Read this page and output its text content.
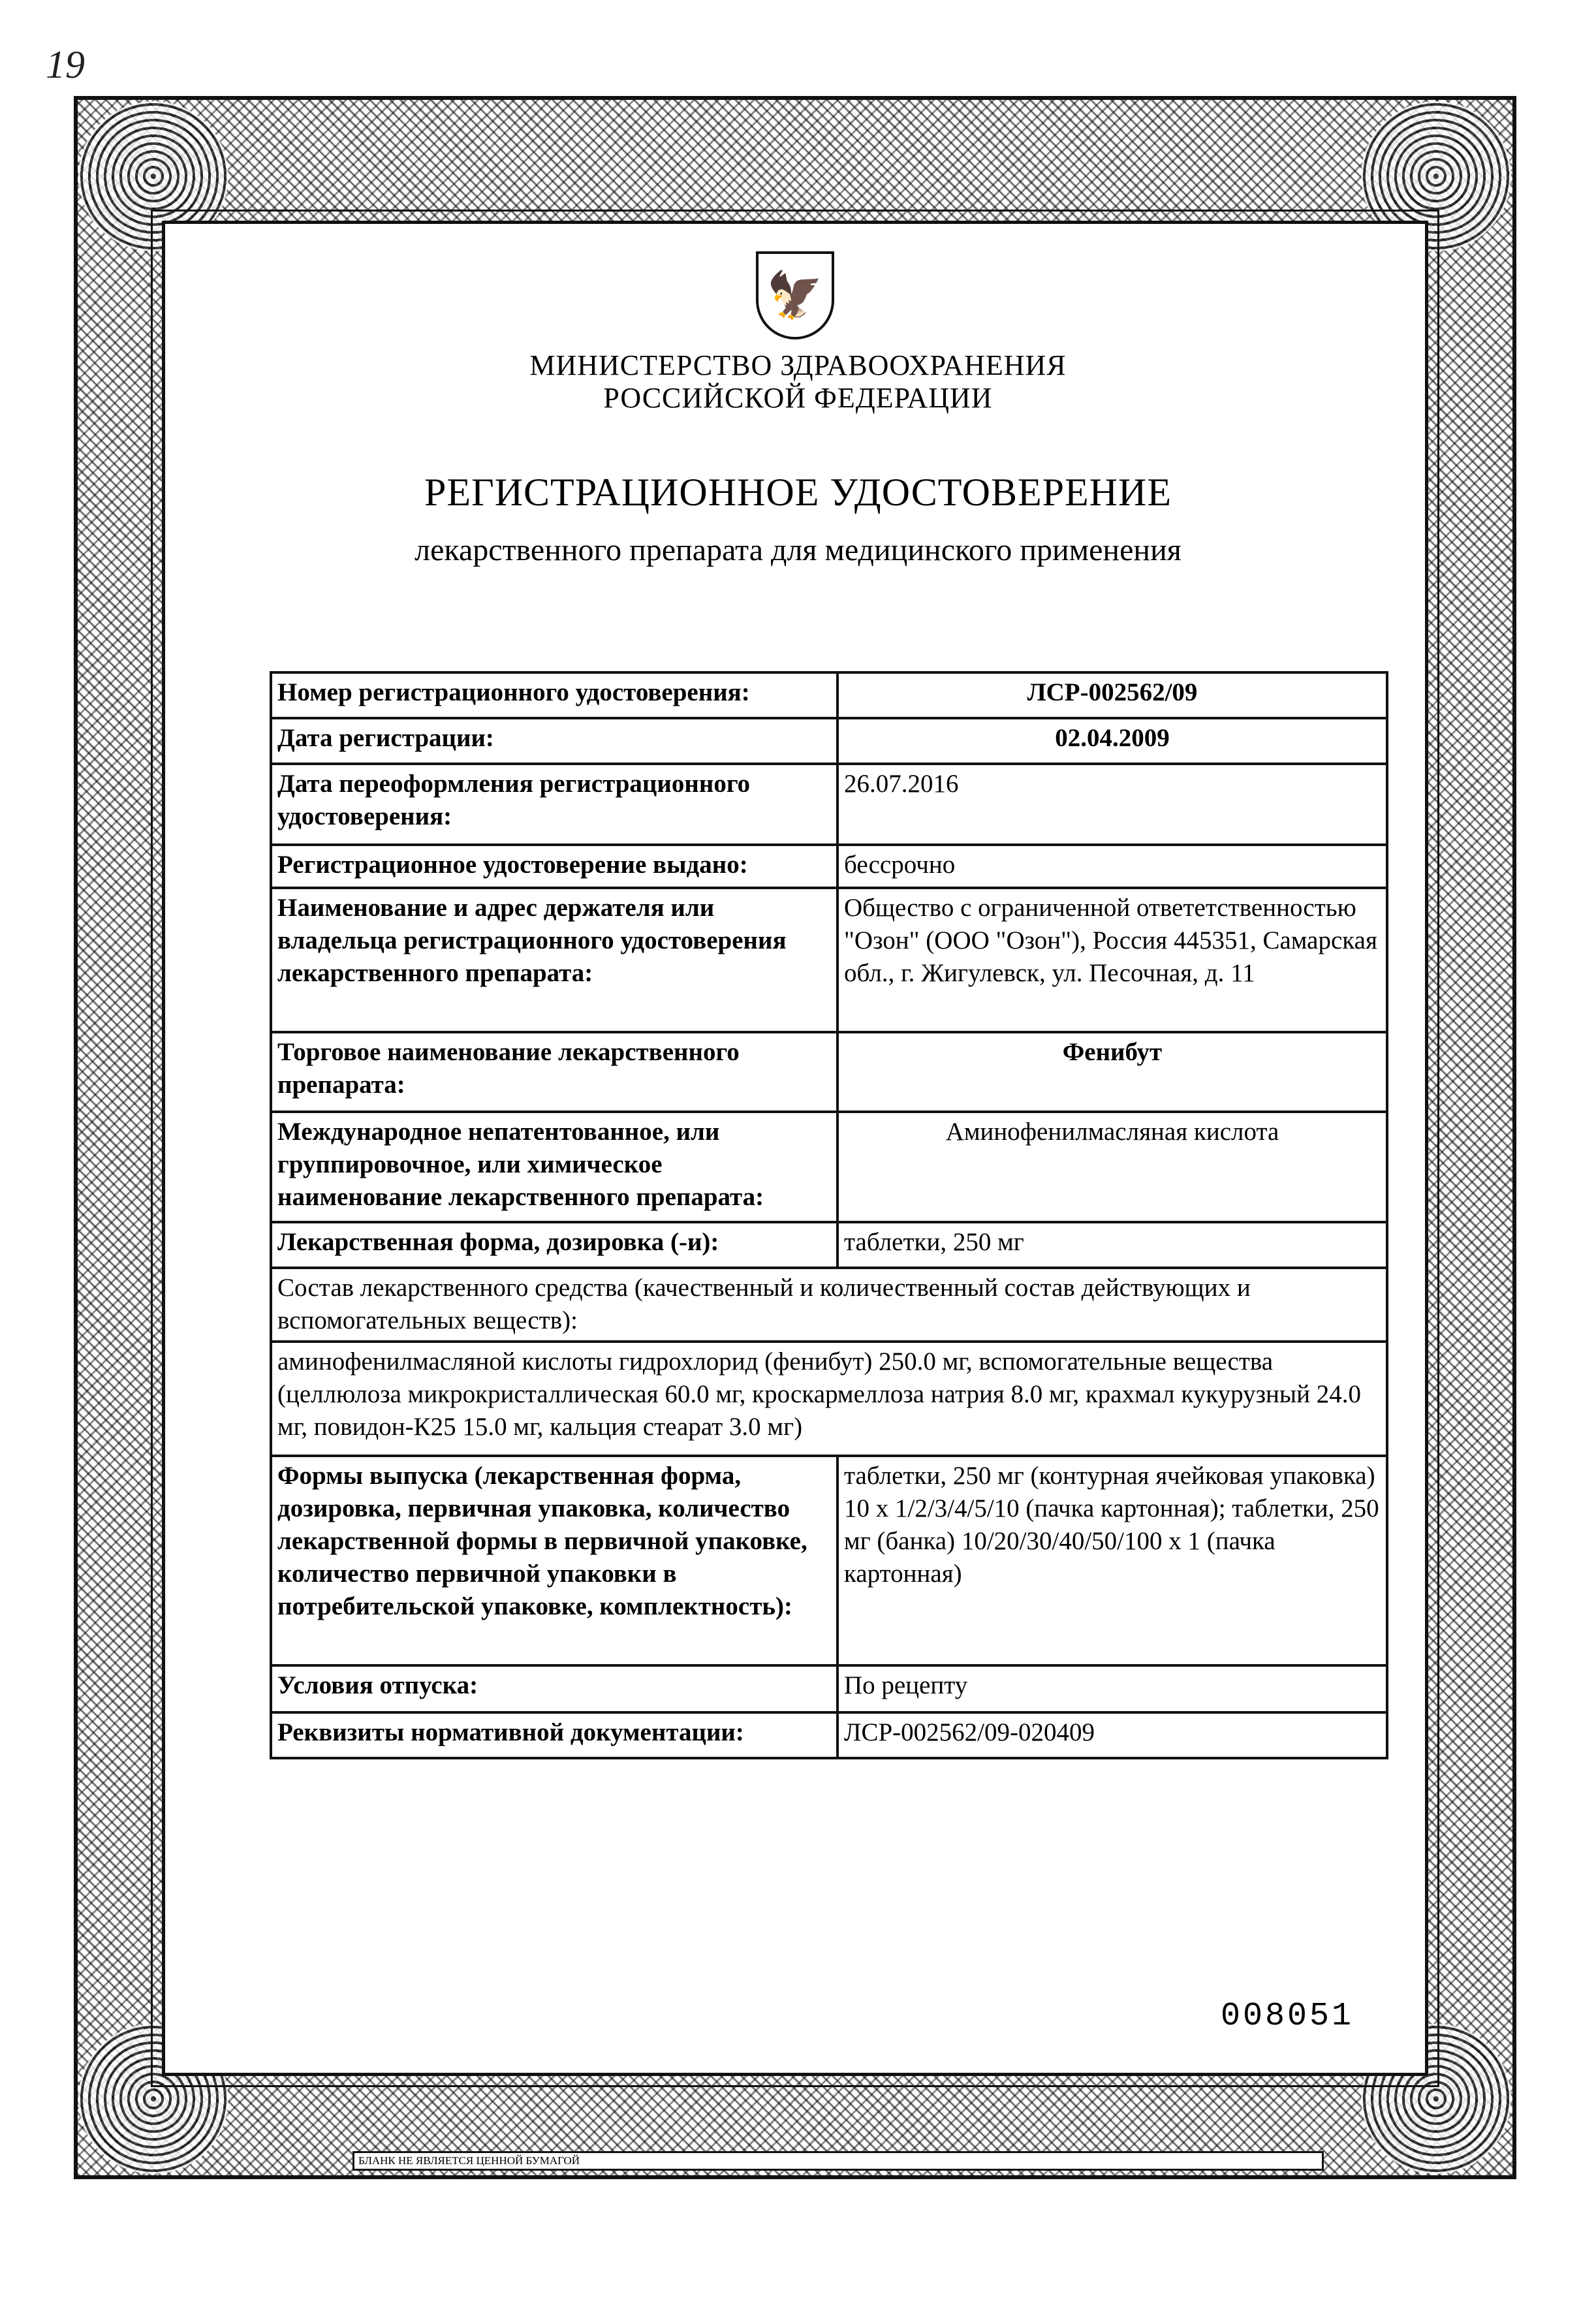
19
🦅
МИНИСТЕРСТВО ЗДРАВООХРАНЕНИЯ
РОССИЙСКОЙ ФЕДЕРАЦИИ
РЕГИСТРАЦИОННОЕ УДОСТОВЕРЕНИЕ
лекарственного препарата для медицинского применения
Номер регистрационного удостоверения:	ЛСР-002562/09
Дата регистрации:	02.04.2009
Дата переоформления регистрационного удостоверения:	26.07.2016
Регистрационное удостоверение выдано:	бессрочно
Наименование и адрес держателя или владельца регистрационного удостоверения лекарственного препарата:	Общество с ограниченной ответетственностью "Озон" (ООО "Озон"), Россия 445351, Самарская обл., г. Жигулевск, ул. Песочная, д. 11
Торговое наименование лекарственного препарата:	Фенибут
Международное непатентованное, или группировочное, или химическое наименование лекарственного препарата:	Аминофенилмасляная кислота
Лекарственная форма, дозировка (-и):	таблетки, 250 мг
Состав лекарственного средства (качественный и количественный состав действующих и вспомогательных веществ):	
аминофенилмасляной кислоты гидрохлорид (фенибут) 250.0 мг, вспомогательные вещества (целлюлоза микрокристаллическая 60.0 мг, кроскармеллоза натрия 8.0 мг, крахмал кукурузный 24.0 мг, повидон-К25 15.0 мг, кальция стеарат 3.0 мг)	
Формы выпуска (лекарственная форма, дозировка, первичная упаковка, количество лекарственной формы в первичной упаковке, количество первичной упаковки в потребительской упаковке, комплектность):	таблетки, 250 мг (контурная ячейковая упаковка) 10 х 1/2/3/4/5/10 (пачка картонная); таблетки, 250 мг (банка) 10/20/30/40/50/100 х 1 (пачка картонная)
Условия отпуска:	По рецепту
Реквизиты нормативной документации:	ЛСР-002562/09-020409
008051
БЛАНК НЕ ЯВЛЯЕТСЯ ЦЕННОЙ БУМАГОЙ
